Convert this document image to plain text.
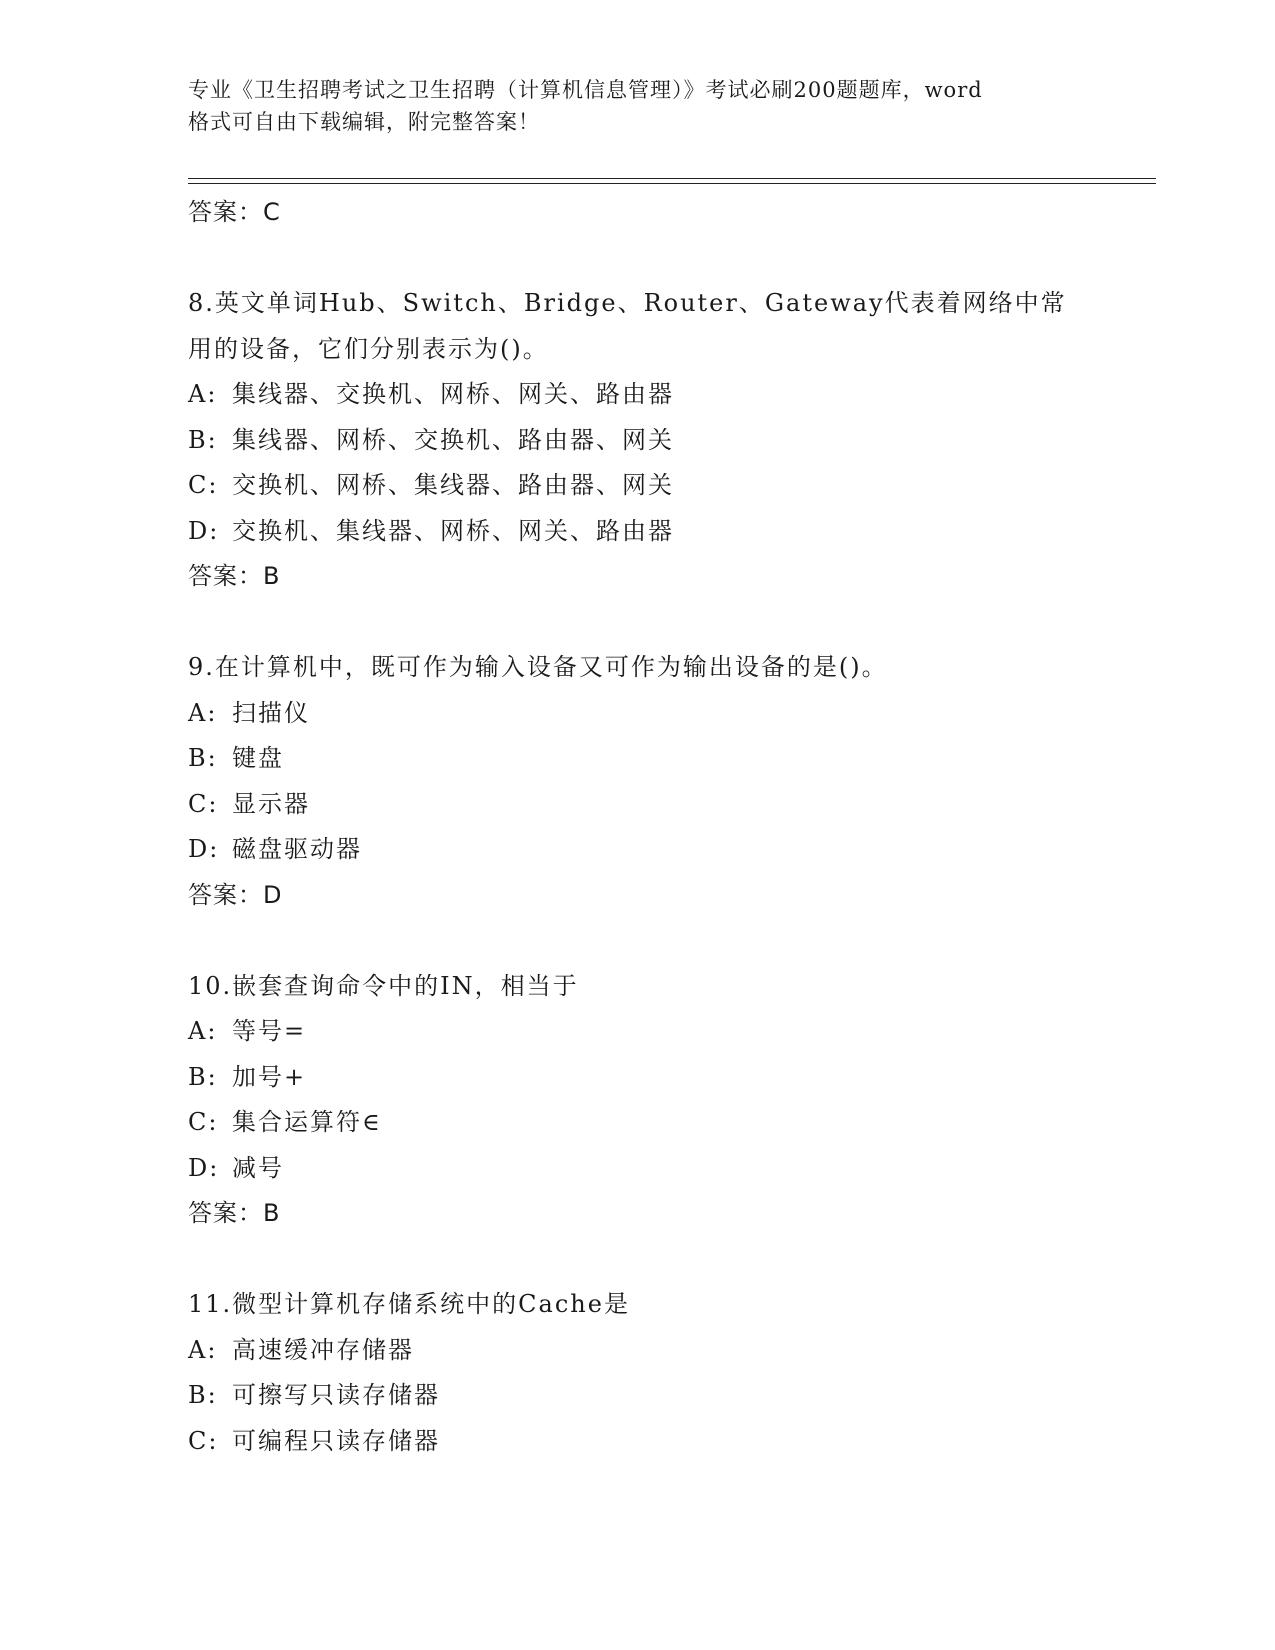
专业《卫生招聘考试之卫生招聘（计算机信息管理）》考试必刷200题题库，word
格式可自由下载编辑，附完整答案！
答案：C
8.英文单词Hub、Switch、Bridge、Router、Gateway代表着网络中常
用的设备，它们分别表示为()。
A: 集线器、交换机、网桥、网关、路由器
B: 集线器、网桥、交换机、路由器、网关
C: 交换机、网桥、集线器、路由器、网关
D: 交换机、集线器、网桥、网关、路由器
答案：B
9.在计算机中，既可作为输入设备又可作为输出设备的是()。
A: 扫描仪
B: 键盘
C: 显示器
D: 磁盘驱动器
答案：D
10.嵌套查询命令中的IN，相当于
A: 等号=
B: 加号+
C: 集合运算符∈
D: 减号
答案：B
11.微型计算机存储系统中的Cache是
A: 高速缓冲存储器
B: 可擦写只读存储器
C: 可编程只读存储器
